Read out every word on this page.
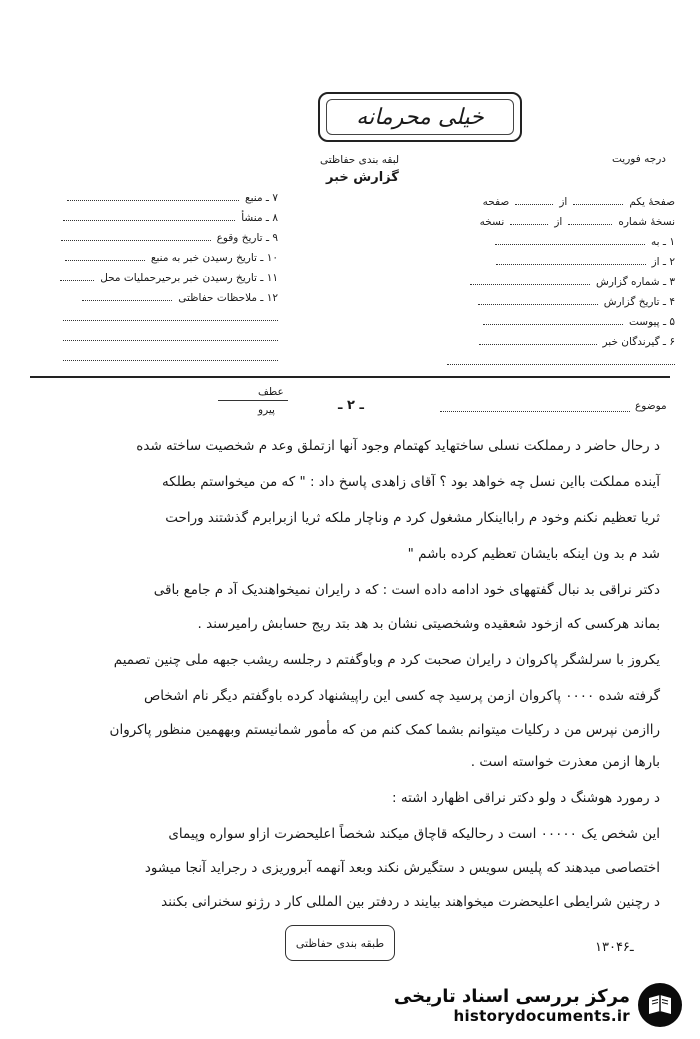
خیلی محرمانه
لبقه بندی حفاظتی
گزارش خبر
درجه فوریت
صفحهٔ یکم
از
صفحه
نسخهٔ شماره
از
نسخه
۱ ـ به
۲ ـ از
۳ ـ شماره گزارش
۴ ـ تاریخ گزارش
۵ ـ پیوست
۶ ـ گیرندگان خبر
۷ ـ منبع
۸ ـ منشأ
۹ ـ تاریخ وقوع
۱۰ ـ تاریخ رسیدن خبر به منبع
۱۱ ـ تاریخ رسیدن خبر برحیرحملیات محل
۱۲ ـ ملاحظات حفاظتی
موضوع
ـ ۲ ـ
عطف
پیرو
د رحال حاضر د رمملکت نسلی ساختهاید کهتمام وجود آنها ازتملق وعد م شخصیت ساخته شده
آینده مملکت بااین نسل چه خواهد بود ؟ آقای زاهدی پاسخ داد : " که من میخواستم بطلکه
ثریا تعظیم نکنم وخود م رابااینکار مشغول کرد م وناچار ملکه ثریا ازبرابرم گذشتند وراحت
شد م بد ون اینکه بایشان تعظیم کرده باشم "
دکتر نراقی بد نبال گفتههای خود ادامه داده است : که د رایران نمیخواهندیک آد م جامع باقی
بماند هرکسی که ازخود شعقیده وشخصیتی نشان بد هد بتد ریج حسابش رامیرسند .
یکروز با سرلشگر پاکروان د رایران صحبت کرد م وباوگفتم د رجلسه ریشب جبهه ملی چنین تصمیم
گرفته شده ۰۰۰۰ پاکروان ازمن پرسید چه کسی این راپیشنهاد کرده باوگفتم دیگر نام اشخاص
راازمن نپرس من د رکلیات میتوانم بشما کمک کنم من که مأمور شمانیستم وبههمین منظور پاکروان
بارها ازمن معذرت خواسته است .
د رمورد هوشنگ د ولو دکتر نراقی اظهارد اشته :
این شخص یک ۰۰۰۰۰ است د رحالیکه قاچاق میکند شخصاً اعلیحضرت ازاو سواره وپیمای
اختصاصی میدهند که پلیس سویس د ستگیرش نکند وبعد آنهمه آبروریزی د رجراید آنجا میشود
د رچنین شرایطی اعلیحضرت میخواهند بیایند د ردفتر بین المللی کار د رژنو سخنرانی بکنند
طبقه بندی حفاظتی	۱۳۰ـ۴۶
مرکز بررسی اسناد تاریخی
historydocuments.ir
